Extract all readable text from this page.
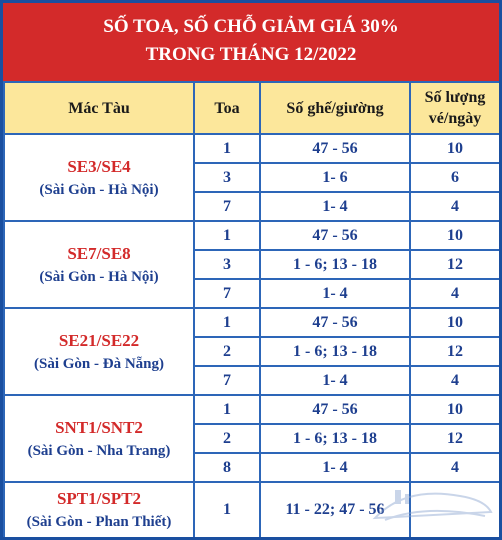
SỐ TOA, SỐ CHỖ GIẢM GIÁ 30%
TRONG THÁNG 12/2022
Mác Tàu	Toa	Số ghế/giường	Số lượng
vé/ngày

SE3/SE4
(Sài Gòn - Hà Nội)	1	47 - 56	10
	3	1- 6	6
	7	1- 4	4

SE7/SE8
(Sài Gòn - Hà Nội)	1	47 - 56	10
	3	1 - 6; 13 - 18	12
	7	1- 4	4

SE21/SE22
(Sài Gòn - Đà Nẵng)	1	47 - 56	10
	2	1 - 6; 13 - 18	12
	7	1- 4	4

SNT1/SNT2
(Sài Gòn - Nha Trang)	1	47 - 56	10
	2	1 - 6; 13 - 18	12
	8	1- 4	4

SPT1/SPT2
(Sài Gòn - Phan Thiết)	1	11 - 22; 47 - 56	
